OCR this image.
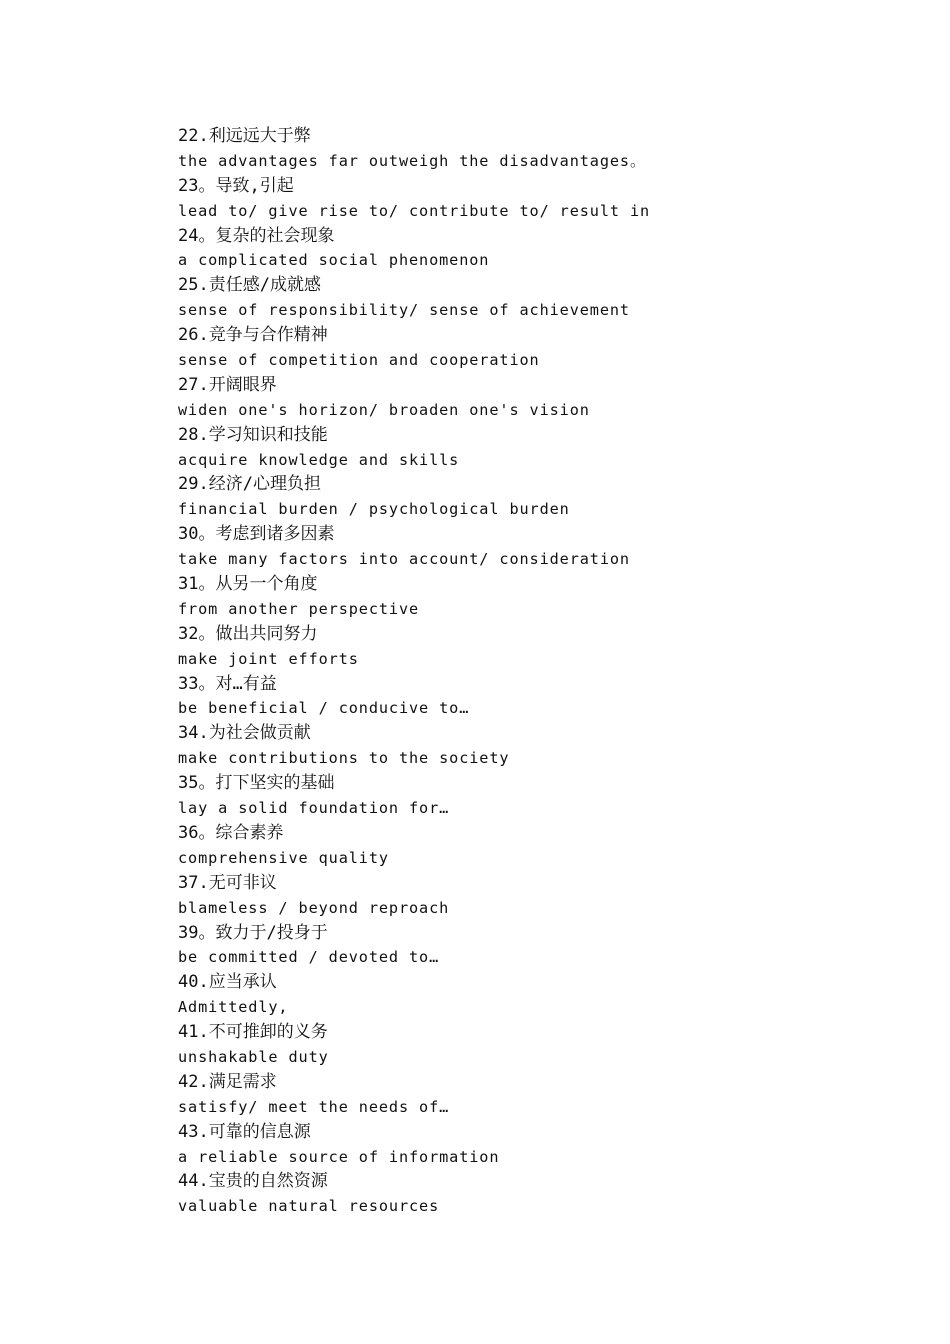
22.利远远大于弊
the advantages far outweigh the disadvantages。
23。导致,引起
lead to/ give rise to/ contribute to/ result in
24。复杂的社会现象
a complicated social phenomenon
25.责任感/成就感
sense of responsibility/ sense of achievement
26.竞争与合作精神
sense of competition and cooperation
27.开阔眼界
widen one's horizon/ broaden one's vision
28.学习知识和技能
acquire knowledge and skills
29.经济/心理负担
financial burden / psychological burden
30。考虑到诸多因素
take many factors into account/ consideration
31。从另一个角度
from another perspective
32。做出共同努力
make joint efforts
33。对…有益
be beneficial / conducive to…
34.为社会做贡献
make contributions to the society
35。打下坚实的基础
lay a solid foundation for…
36。综合素养
comprehensive quality
37.无可非议
blameless / beyond reproach
39。致力于/投身于
be committed / devoted to…
40.应当承认
Admittedly,
41.不可推卸的义务
unshakable duty
42.满足需求
satisfy/ meet the needs of…
43.可靠的信息源
a reliable source of information
44.宝贵的自然资源
valuable natural resources
